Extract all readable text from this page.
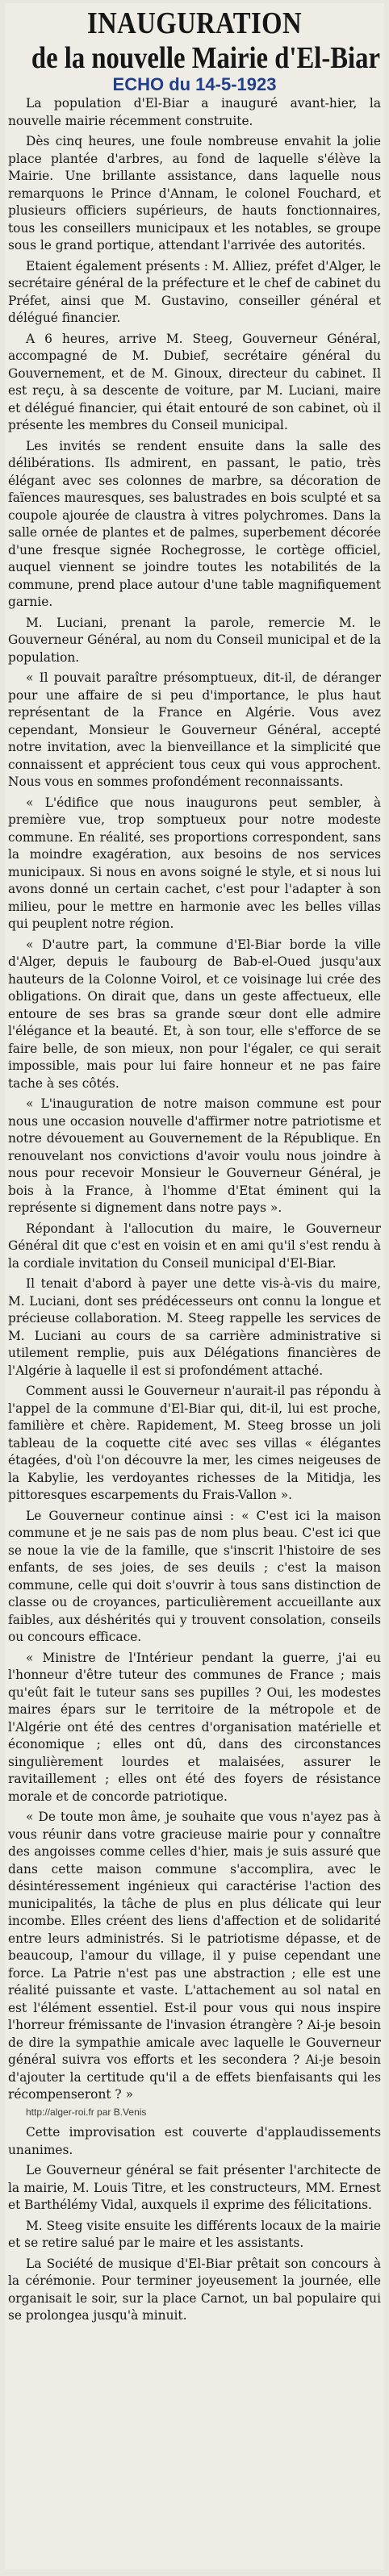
INAUGURATION
de la nouvelle Mairie d'El-Biar
ECHO du 14-5-1923

La population d'El-Biar a inauguré avant-hier, la nouvelle mairie récemment construite.

Dès cinq heures, une foule nombreuse envahit la jolie place plantée d'arbres, au fond de laquelle s'élève la Mairie. Une brillante assistance, dans laquelle nous remarquons le Prince d'Annam, le colonel Fouchard, et plusieurs officiers supérieurs, de hauts fonctionnaires, tous les conseillers municipaux et les notables, se groupe sous le grand portique, attendant l'arrivée des autorités.

Etaient également présents : M. Alliez, préfet d'Alger, le secrétaire général de la préfecture et le chef de cabinet du Préfet, ainsi que M. Gustavino, conseiller général et délégué financier.

A 6 heures, arrive M. Steeg, Gouverneur Général, accompagné de M. Dubief, secrétaire général du Gouvernement, et de M. Ginoux, directeur du cabinet. Il est reçu, à sa descente de voiture, par M. Luciani, maire et délégué financier, qui était entouré de son cabinet, où il présente les membres du Conseil municipal.

Les invités se rendent ensuite dans la salle des délibérations. Ils admirent, en passant, le patio, très élégant avec ses colonnes de marbre, sa décoration de faïences mauresques, ses balustrades en bois sculpté et sa coupole ajourée de claustra à vitres polychromes. Dans la salle ornée de plantes et de palmes, superbement décorée d'une fresque signée Rochegrosse, le cortège officiel, auquel viennent se joindre toutes les notabilités de la commune, prend place autour d'une table magnifiquement garnie.

M. Luciani, prenant la parole, remercie M. le Gouverneur Général, au nom du Conseil municipal et de la population.

« Il pouvait paraître présomptueux, dit-il, de déranger pour une affaire de si peu d'importance, le plus haut représentant de la France en Algérie. Vous avez cependant, Monsieur le Gouverneur Général, accepté notre invitation, avec la bienveillance et la simplicité que connaissent et apprécient tous ceux qui vous approchent. Nous vous en sommes profondément reconnaissants.

« L'édifice que nous inaugurons peut sembler, à première vue, trop somptueux pour notre modeste commune. En réalité, ses proportions correspondent, sans la moindre exagération, aux besoins de nos services municipaux. Si nous en avons soigné le style, et si nous lui avons donné un certain cachet, c'est pour l'adapter à son milieu, pour le mettre en harmonie avec les belles villas qui peuplent notre région.

« D'autre part, la commune d'El-Biar borde la ville d'Alger, depuis le faubourg de Bab-el-Oued jusqu'aux hauteurs de la Colonne Voirol, et ce voisinage lui crée des obligations. On dirait que, dans un geste affectueux, elle entoure de ses bras sa grande sœur dont elle admire l'élégance et la beauté. Et, à son tour, elle s'efforce de se faire belle, de son mieux, non pour l'égaler, ce qui serait impossible, mais pour lui faire honneur et ne pas faire tache à ses côtés.

« L'inauguration de notre maison commune est pour nous une occasion nouvelle d'affirmer notre patriotisme et notre dévouement au Gouvernement de la République. En renouvelant nos convictions d'avoir voulu nous joindre à nous pour recevoir Monsieur le Gouverneur Général, je bois à la France, à l'homme d'Etat éminent qui la représente si dignement dans notre pays ».

Répondant à l'allocution du maire, le Gouverneur Général dit que c'est en voisin et en ami qu'il s'est rendu à la cordiale invitation du Conseil municipal d'El-Biar.

Il tenait d'abord à payer une dette vis-à-vis du maire, M. Luciani, dont ses prédécesseurs ont connu la longue et précieuse collaboration. M. Steeg rappelle les services de M. Luciani au cours de sa carrière administrative si utilement remplie, puis aux Délégations financières de l'Algérie à laquelle il est si profondément attaché.

Comment aussi le Gouverneur n'aurait-il pas répondu à l'appel de la commune d'El-Biar qui, dit-il, lui est proche, familière et chère. Rapidement, M. Steeg brosse un joli tableau de la coquette cité avec ses villas « élégantes étagées, d'où l'on découvre la mer, les cimes neigeuses de la Kabylie, les verdoyantes richesses de la Mitidja, les pittoresques escarpements du Frais-Vallon ».

Le Gouverneur continue ainsi : « C'est ici la maison commune et je ne sais pas de nom plus beau. C'est ici que se noue la vie de la famille, que s'inscrit l'histoire de ses enfants, de ses joies, de ses deuils ; c'est la maison commune, celle qui doit s'ouvrir à tous sans distinction de classe ou de croyances, particulièrement accueillante aux faibles, aux déshérités qui y trouvent consolation, conseils ou concours efficace.

« Ministre de l'Intérieur pendant la guerre, j'ai eu l'honneur d'être tuteur des communes de France ; mais qu'eût fait le tuteur sans ses pupilles ? Oui, les modestes maires épars sur le territoire de la métropole et de l'Algérie ont été des centres d'organisation matérielle et économique ; elles ont dû, dans des circonstances singulièrement lourdes et malaisées, assurer le ravitaillement ; elles ont été des foyers de résistance morale et de concorde patriotique.

« De toute mon âme, je souhaite que vous n'ayez pas à vous réunir dans votre gracieuse mairie pour y connaître des angoisses comme celles d'hier, mais je suis assuré que dans cette maison commune s'accomplira, avec le désintéressement ingénieux qui caractérise l'action des municipalités, la tâche de plus en plus délicate qui leur incombe. Elles créent des liens d'affection et de solidarité entre leurs administrés. Si le patriotisme dépasse, et de beaucoup, l'amour du village, il y puise cependant une force. La Patrie n'est pas une abstraction ; elle est une réalité puissante et vaste. L'attachement au sol natal en est l'élément essentiel. Est-il pour vous qui nous inspire l'horreur frémissante de l'invasion étrangère ? Ai-je besoin de dire la sympathie amicale avec laquelle le Gouverneur général suivra vos efforts et les secondera ? Ai-je besoin d'ajouter la certitude qu'il a de effets bienfaisants qui les récompenseront ? »

http://alger-roi.fr par B.Venis

Cette improvisation est couverte d'applaudissements unanimes.

Le Gouverneur général se fait présenter l'architecte de la mairie, M. Louis Titre, et les constructeurs, MM. Ernest et Barthélémy Vidal, auxquels il exprime des félicitations.

M. Steeg visite ensuite les différents locaux de la mairie et se retire salué par le maire et les assistants.

La Société de musique d'El-Biar prêtait son concours à la cérémonie. Pour terminer joyeusement la journée, elle organisait le soir, sur la place Carnot, un bal populaire qui se prolongea jusqu'à minuit.
